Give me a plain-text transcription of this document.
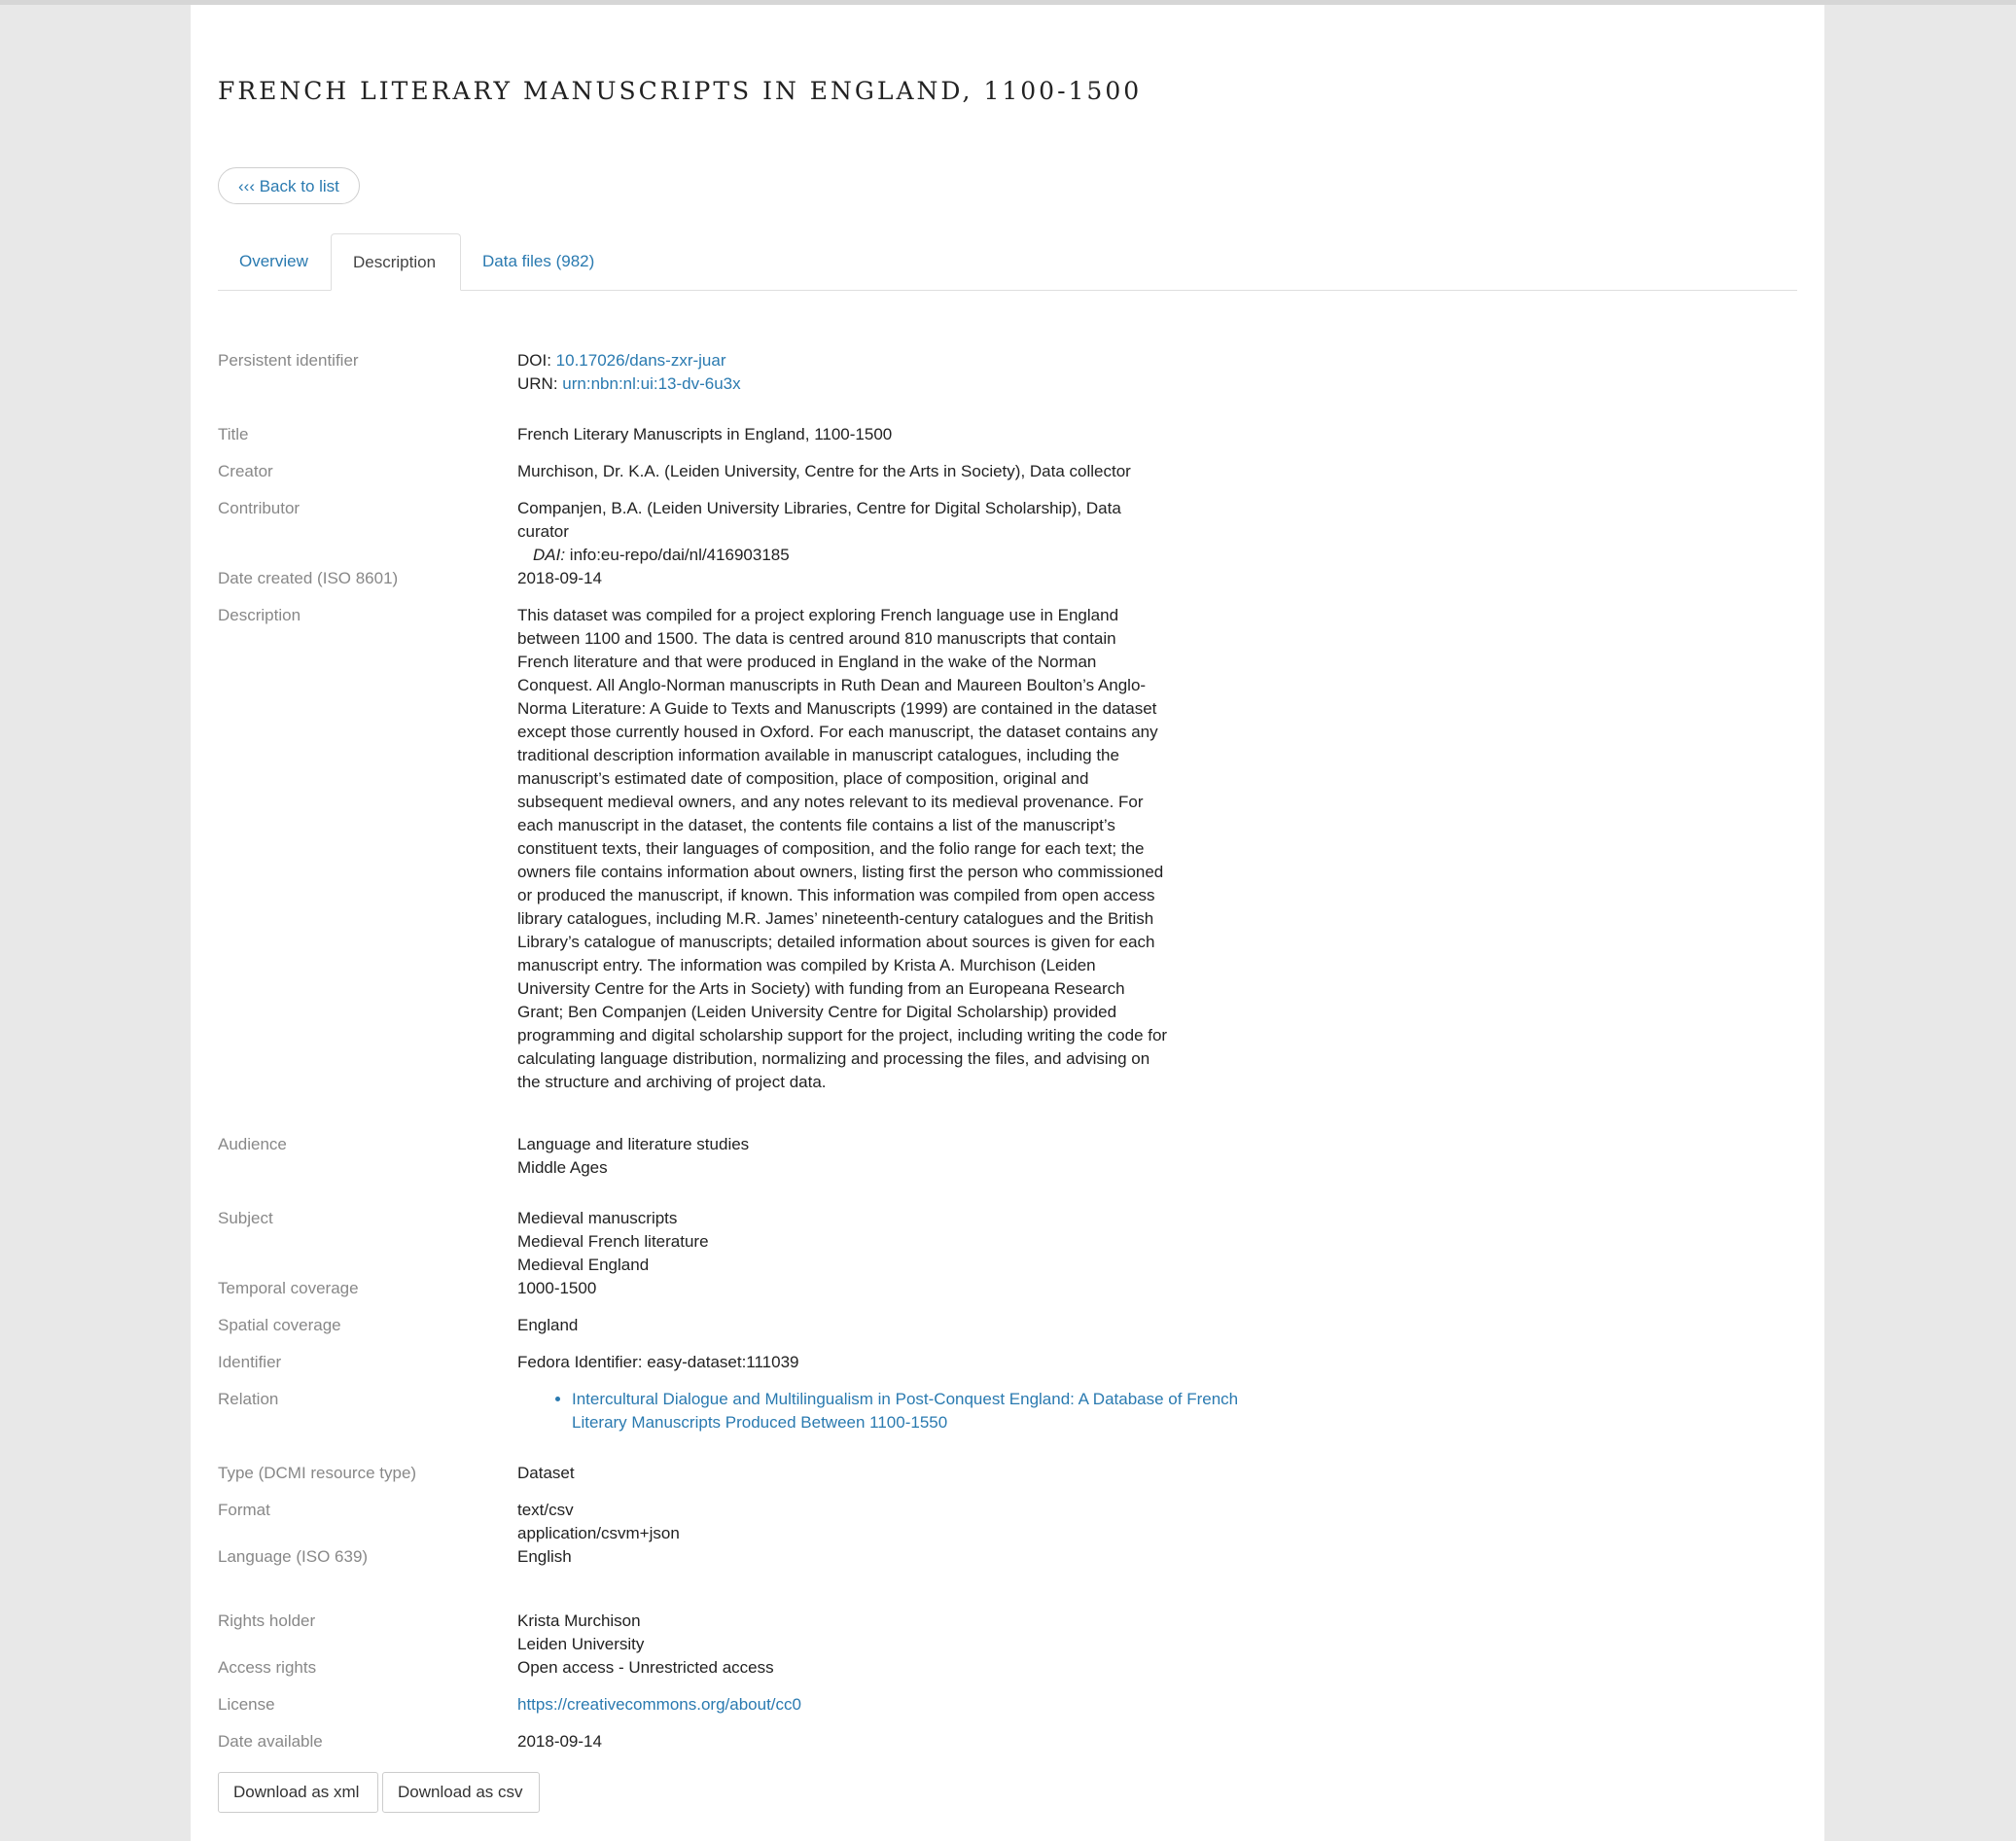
FRENCH LITERARY MANUSCRIPTS IN ENGLAND, 1100-1500
‹‹‹ Back to list
Overview	Description	Data files (982)
Persistent identifier	DOI: 10.17026/dans-zxr-juar
URN: urn:nbn:nl:ui:13-dv-6u3x
Title	French Literary Manuscripts in England, 1100-1500
Creator	Murchison, Dr. K.A. (Leiden University, Centre for the Arts in Society), Data collector
Contributor	Companjen, B.A. (Leiden University Libraries, Centre for Digital Scholarship), Data
curator
DAI: info:eu-repo/dai/nl/416903185
Date created (ISO 8601)	2018-09-14
Description	This dataset was compiled for a project exploring French language use in England between 1100 and 1500. The data is centred around 810 manuscripts that contain French literature and that were produced in England in the wake of the Norman Conquest. All Anglo-Norman manuscripts in Ruth Dean and Maureen Boulton’s Anglo-Norma Literature: A Guide to Texts and Manuscripts (1999) are contained in the dataset except those currently housed in Oxford. For each manuscript, the dataset contains any traditional description information available in manuscript catalogues, including the manuscript’s estimated date of composition, place of composition, original and subsequent medieval owners, and any notes relevant to its medieval provenance. For each manuscript in the dataset, the contents file contains a list of the manuscript’s constituent texts, their languages of composition, and the folio range for each text; the owners file contains information about owners, listing first the person who commissioned or produced the manuscript, if known. This information was compiled from open access library catalogues, including M.R. James’ nineteenth-century catalogues and the British Library’s catalogue of manuscripts; detailed information about sources is given for each manuscript entry. The information was compiled by Krista A. Murchison (Leiden University Centre for the Arts in Society) with funding from an Europeana Research Grant; Ben Companjen (Leiden University Centre for Digital Scholarship) provided programming and digital scholarship support for the project, including writing the code for calculating language distribution, normalizing and processing the files, and advising on the structure and archiving of project data.
Audience	Language and literature studies
Middle Ages
Subject	Medieval manuscripts
Medieval French literature
Medieval England
Temporal coverage	1000-1500
Spatial coverage	England
Identifier	Fedora Identifier: easy-dataset:111039
Relation
•	Intercultural Dialogue and Multilingualism in Post-Conquest England: A Database of French Literary Manuscripts Produced Between 1100-1550
Type (DCMI resource type)	Dataset
Format	text/csv
application/csvm+json
Language (ISO 639)	English
Rights holder	Krista Murchison
Leiden University
Access rights	Open access - Unrestricted access
License	https://creativecommons.org/about/cc0
Date available	2018-09-14
Download as xml	Download as csv
